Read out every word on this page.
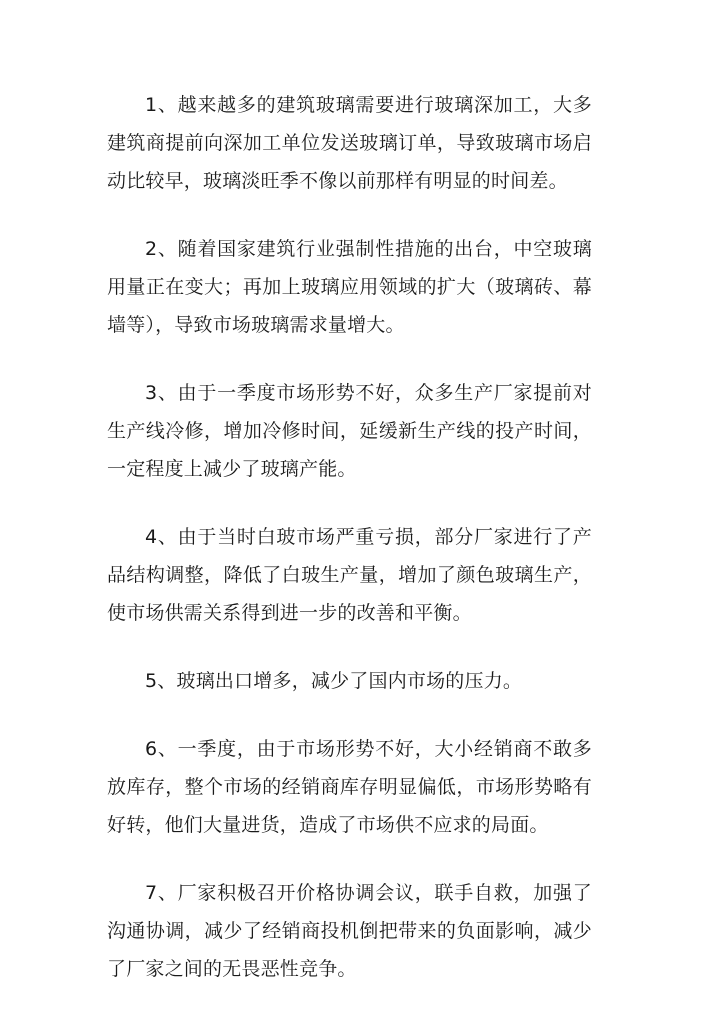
1、越来越多的建筑玻璃需要进行玻璃深加工，大多建筑商提前向深加工单位发送玻璃订单，导致玻璃市场启动比较早，玻璃淡旺季不像以前那样有明显的时间差。

2、随着国家建筑行业强制性措施的出台，中空玻璃用量正在变大；再加上玻璃应用领域的扩大（玻璃砖、幕墙等），导致市场玻璃需求量增大。

3、由于一季度市场形势不好，众多生产厂家提前对生产线冷修，增加冷修时间，延缓新生产线的投产时间，一定程度上减少了玻璃产能。

4、由于当时白玻市场严重亏损，部分厂家进行了产品结构调整，降低了白玻生产量，增加了颜色玻璃生产，使市场供需关系得到进一步的改善和平衡。

5、玻璃出口增多，减少了国内市场的压力。

6、一季度，由于市场形势不好，大小经销商不敢多放库存，整个市场的经销商库存明显偏低，市场形势略有好转，他们大量进货，造成了市场供不应求的局面。

7、厂家积极召开价格协调会议，联手自救，加强了沟通协调，减少了经销商投机倒把带来的负面影响，减少了厂家之间的无畏恶性竞争。
